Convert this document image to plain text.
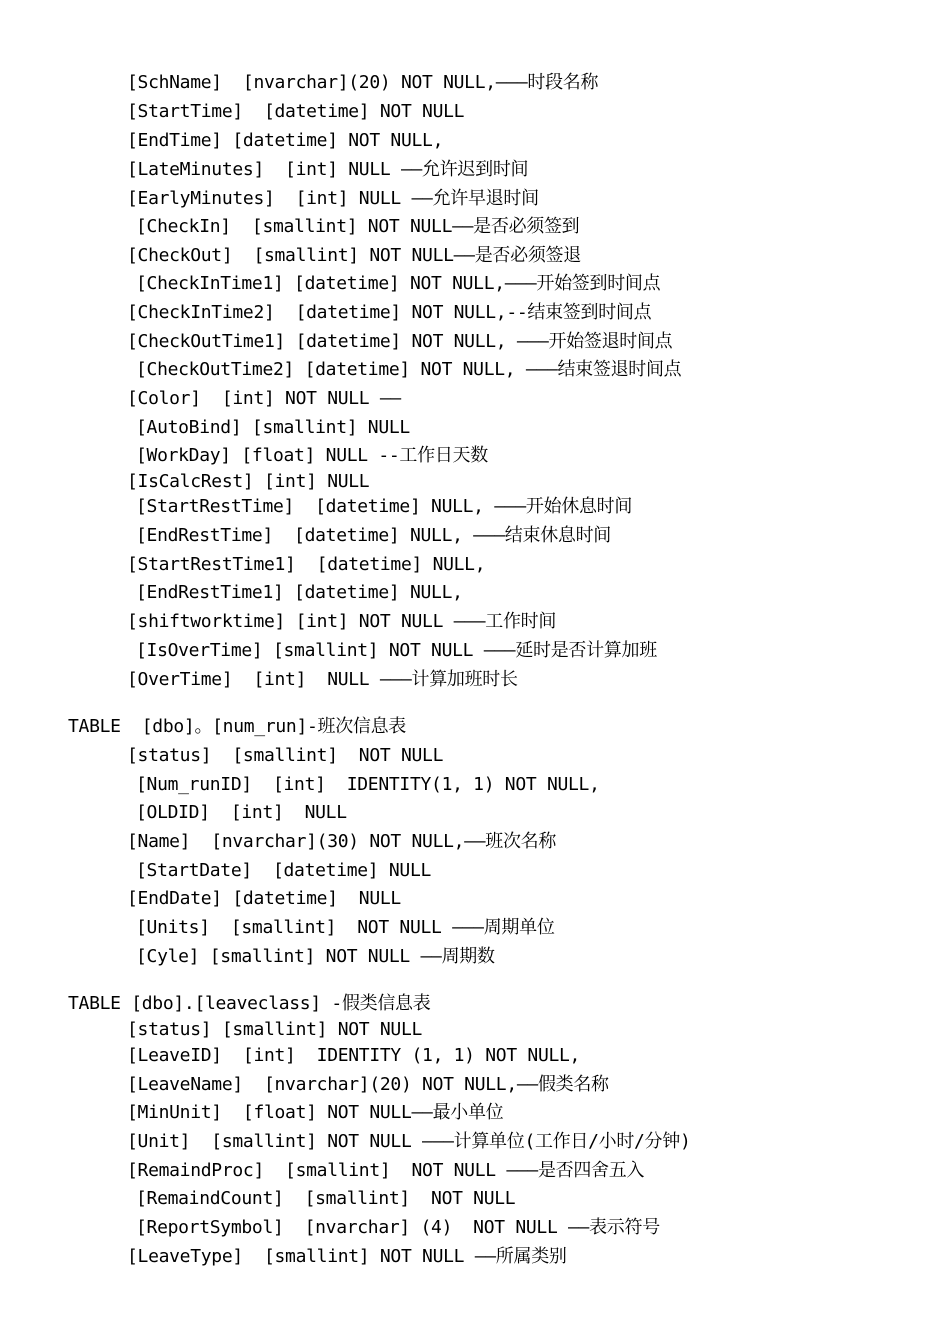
[SchName]  [nvarchar](20) NOT NULL,———时段名称
[StartTime]  [datetime] NOT NULL
[EndTime] [datetime] NOT NULL,
[LateMinutes]  [int] NULL ——允许迟到时间
[EarlyMinutes]  [int] NULL ——允许早退时间
[CheckIn]  [smallint] NOT NULL——是否必须签到
[CheckOut]  [smallint] NOT NULL——是否必须签退
[CheckInTime1] [datetime] NOT NULL,———开始签到时间点
[CheckInTime2]  [datetime] NOT NULL,--结束签到时间点
[CheckOutTime1] [datetime] NOT NULL, ———开始签退时间点
[CheckOutTime2] [datetime] NOT NULL, ———结束签退时间点
[Color]  [int] NOT NULL ——
[AutoBind] [smallint] NULL
[WorkDay] [float] NULL --工作日天数
[IsCalcRest] [int] NULL
[StartRestTime]  [datetime] NULL, ———开始休息时间
[EndRestTime]  [datetime] NULL, ———结束休息时间
[StartRestTime1]  [datetime] NULL,
[EndRestTime1] [datetime] NULL,
[shiftworktime] [int] NOT NULL ———工作时间
[IsOverTime] [smallint] NOT NULL ———延时是否计算加班
[OverTime]  [int]  NULL ———计算加班时长
TABLE  [dbo]。[num_run]-班次信息表
[status]  [smallint]  NOT NULL
[Num_runID]  [int]  IDENTITY(1, 1) NOT NULL,
[OLDID]  [int]  NULL
[Name]  [nvarchar](30) NOT NULL,——班次名称
[StartDate]  [datetime] NULL
[EndDate] [datetime]  NULL
[Units]  [smallint]  NOT NULL ———周期单位
[Cyle] [smallint] NOT NULL ——周期数
TABLE [dbo].[leaveclass] -假类信息表
[status] [smallint] NOT NULL
[LeaveID]  [int]  IDENTITY (1, 1) NOT NULL,
[LeaveName]  [nvarchar](20) NOT NULL,——假类名称
[MinUnit]  [float] NOT NULL——最小单位
[Unit]  [smallint] NOT NULL ———计算单位(工作日/小时/分钟)
[RemaindProc]  [smallint]  NOT NULL ———是否四舍五入
[RemaindCount]  [smallint]  NOT NULL
[ReportSymbol]  [nvarchar] (4)  NOT NULL ——表示符号
[LeaveType]  [smallint] NOT NULL ——所属类别
